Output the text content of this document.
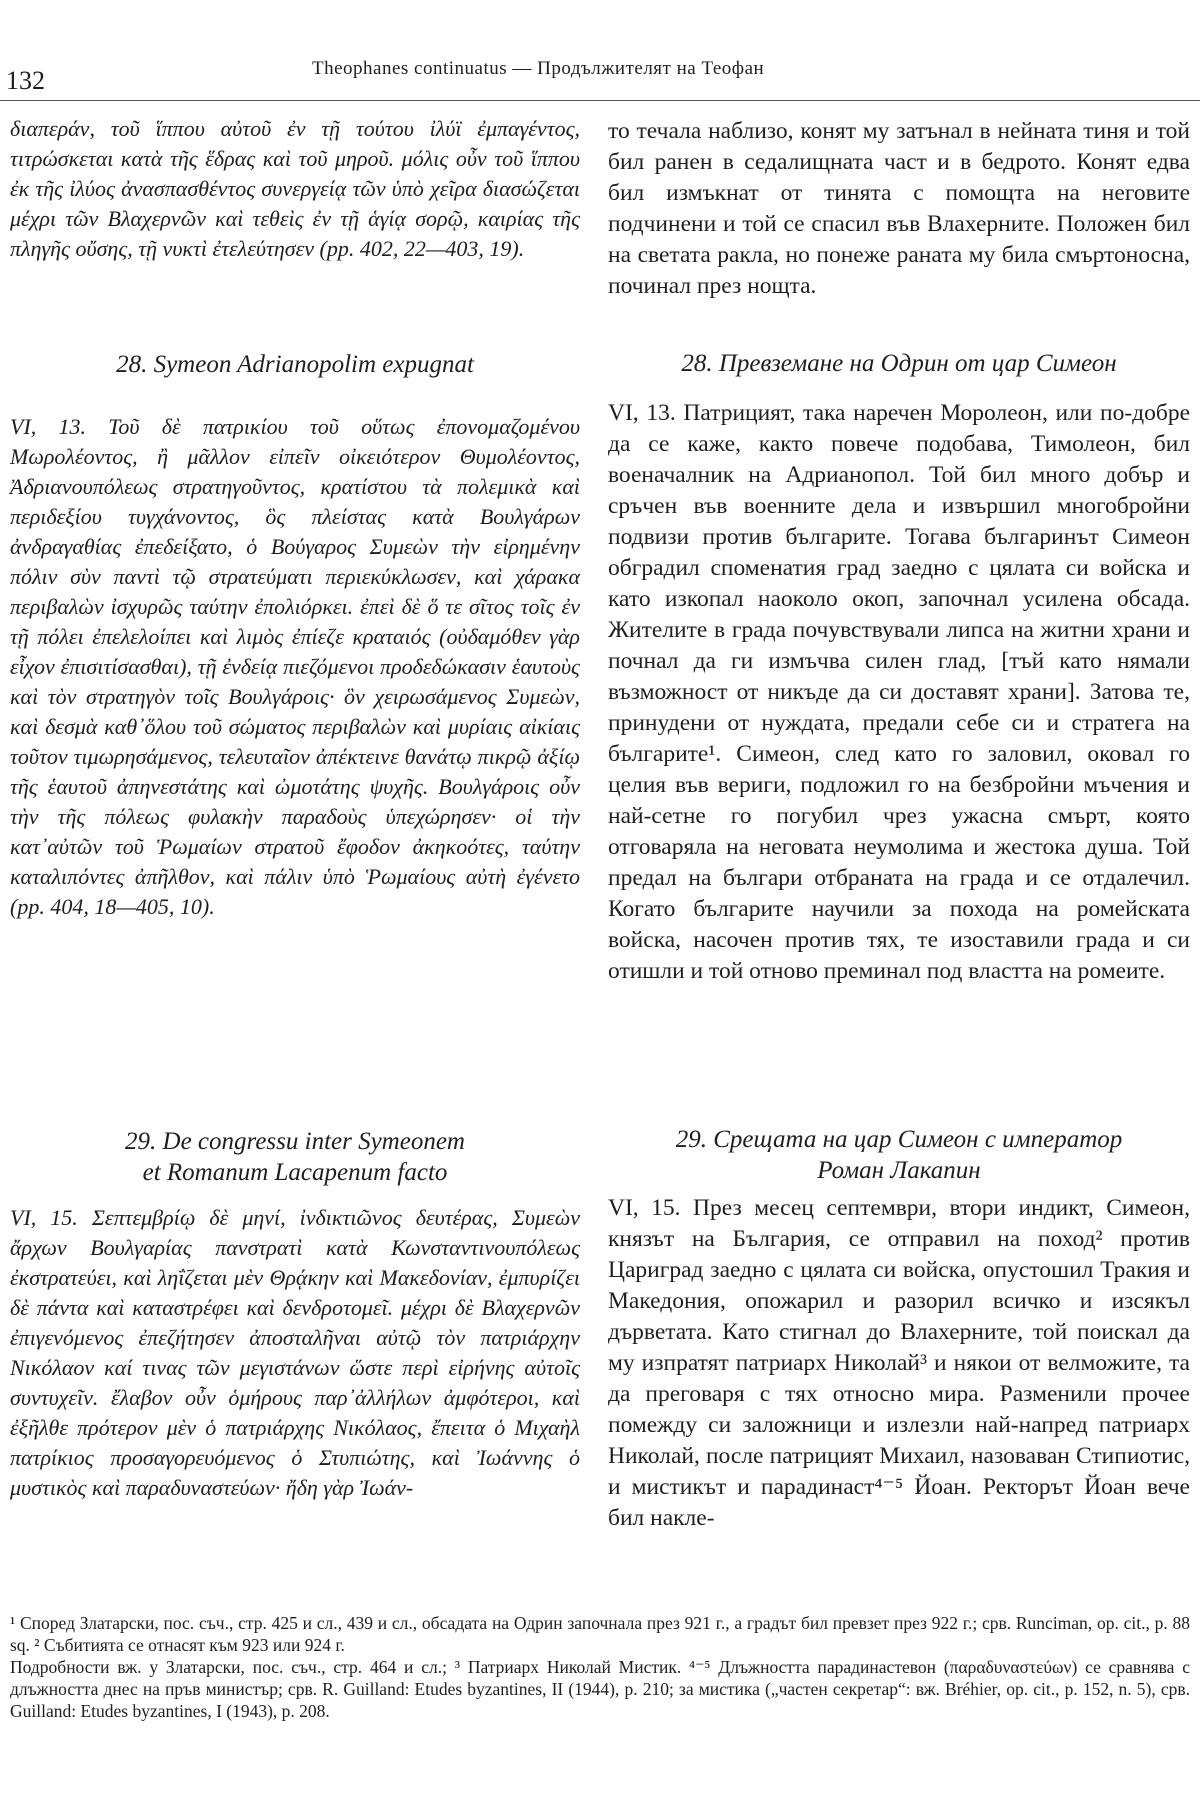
132	Theophanes continuatus — Продължителят на Теофан
διαπεράν, τοῦ ἵππου αὐτοῦ ἐν τῇ τούτου ἰλύϊ ἐμπαγέντος, τιτρώσκεται κατὰ τῆς ἕδρας καὶ τοῦ μηροῦ. μόλις οὖν τοῦ ἵππου ἐκ τῆς ἰλύος ἀνασπασθέντος συνεργείᾳ τῶν ὑπὸ χεῖρα διασώζεται μέχρι τῶν Βλαχερνῶν καὶ τεθεὶς ἐν τῇ ἁγίᾳ σορῷ, καιρίας τῆς πληγῆς οὔσης, τῇ νυκτὶ ἐτελεύτησεν (pp. 402, 22—403, 19).
28. Symeon Adrianopolim expugnat
VI, 13. Τοῦ δὲ πατρικίου τοῦ οὕτως ἐπονομαζομένου Μωρολέοντος, ἢ μᾶλλον εἰπεῖν οἰκειότερον Θυμολέοντος, Ἀδριανουπόλεως στρατηγοῦντος, κρατίστου τὰ πολεμικὰ καὶ περιδεξίου τυγχάνοντος, ὃς πλείστας κατὰ Βουλγάρων ἀνδραγαθίας ἐπεδείξατο, ὁ Βούγαρος Συμεὼν τὴν εἰρημένην πόλιν σὺν παντὶ τῷ στρατεύματι περιεκύκλωσεν, καὶ χάρακα περιβαλὼν ἰσχυρῶς ταύτην ἐπολιόρκει. ἐπεὶ δὲ ὅ τε σῖτος τοῖς ἐν τῇ πόλει ἐπελελοίπει καὶ λιμὸς ἐπίεζε κραταιός (οὐδαμόθεν γὰρ εἶχον ἐπισιτίσασθαι), τῇ ἐνδείᾳ πιεζόμενοι προδεδώκασιν ἑαυτοὺς καὶ τὸν στρατηγὸν τοῖς Βουλγάροις· ὃν χειρωσάμενος Συμεὼν, καὶ δεσμὰ καθ᾽ὅλου τοῦ σώματος περιβαλὼν καὶ μυρίαις αἰκίαις τοῦτον τιμωρησάμενος, τελευταῖον ἀπέκτεινε θανάτῳ πικρῷ ἀξίῳ τῆς ἑαυτοῦ ἀπηνεστάτης καὶ ὠμοτάτης ψυχῆς. Βουλγάροις οὖν τὴν τῆς πόλεως φυλακὴν παραδοὺς ὑπεχώρησεν· οἱ τὴν κατ᾽αὐτῶν τοῦ Ῥωμαίων στρατοῦ ἔφοδον ἀκηκοότες, ταύτην καταλιπόντες ἀπῆλθον, καὶ πάλιν ὑπὸ Ῥωμαίους αὐτὴ ἐγένετο (pp. 404, 18—405, 10).
29. De congressu inter Symeonem
et Romanum Lacapenum facto
VI, 15. Σεπτεμβρίῳ δὲ μηνί, ἰνδικτιῶνος δευτέρας, Συμεὼν ἄρχων Βουλγαρίας πανστρατὶ κατὰ Κωνσταντινουπόλεως ἐκστρατεύει, καὶ ληΐζεται μὲν Θρᾴκην καὶ Μακεδονίαν, ἐμπυρίζει δὲ πάντα καὶ καταστρέφει καὶ δενδροτομεῖ. μέχρι δὲ Βλαχερνῶν ἐπιγενόμενος ἐπεζήτησεν ἀποσταλῆναι αὐτῷ τὸν πατριάρχην Νικόλαον καί τινας τῶν μεγιστάνων ὥστε περὶ εἰρήνης αὐτοῖς συντυχεῖν. ἔλαβον οὖν ὁμήρους παρ᾽ἀλλήλων ἀμφότεροι, καὶ ἐξῆλθε πρότερον μὲν ὁ πατριάρχης Νικόλαος, ἔπειτα ὁ Μιχαὴλ πατρίκιος προσαγορευόμενος ὁ Στυπιώτης, καὶ Ἰωάννης ὁ μυστικὸς καὶ παραδυναστεύων· ἤδη γὰρ Ἰωάν-
то течала наблизо, конят му затънал в нейната тиня и той бил ранен в седалищната част и в бедрото. Конят едва бил измъкнат от тинята с помощта на неговите подчинени и той се спасил във Влахерните. Положен бил на светата ракла, но понеже раната му била смъртоносна, починал през нощта.
28. Превземане на Одрин от цар Симеон
VI, 13. Патрицият, така наречен Моролеон, или по-добре да се каже, както повече подобава, Тимолеон, бил военачалник на Адрианопол. Той бил много добър и сръчен във военните дела и извършил многобройни подвизи против българите. Тогава българинът Симеон обградил споменатия град заедно с цялата си войска и като изкопал наоколо окоп, започнал усилена обсада. Жителите в града почувствували липса на житни храни и почнал да ги измъчва силен глад, [тъй като нямали възможност от никъде да си доставят храни]. Затова те, принудени от нуждата, предали себе си и стратега на българите¹. Симеон, след като го заловил, оковал го целия във вериги, подложил го на безбройни мъчения и най-сетне го погубил чрез ужасна смърт, която отговаряла на неговата неумолима и жестока душа. Той предал на българи отбраната на града и се отдалечил. Когато българите научили за похода на ромейската войска, насочен против тях, те изоставили града и си отишли и той отново преминал под властта на ромеите.
29. Срещата на цар Симеон с император
Роман Лакапин
VI, 15. През месец септември, втори индикт, Симеон, князът на България, се отправил на поход² против Цариград заедно с цялата си войска, опустошил Тракия и Македония, опожарил и разорил всичко и изсякъл дърветата. Като стигнал до Влахерните, той поискал да му изпратят патриарх Николай³ и някои от велможите, та да преговаря с тях относно мира. Разменили прочее помежду си заложници и излезли най-напред патриарх Николай, после патрицият Михаил, назоваван Стипиотис, и мистикът и парадинаст⁴⁻⁵ Йоан. Ректорът Йоан вече бил накле-
¹ Според Златарски, пос. съч., стр. 425 и сл., 439 и сл., обсадата на Одрин започнала през 921 г., а градът бил превзет през 922 г.; срв. Runciman, op. cit., p. 88 sq. ² Събитията се отнасят към 923 или 924 г.
Подробности вж. у Златарски, пос. съч., стр. 464 и сл.; ³ Патриарх Николай Мистик. ⁴⁻⁵ Длъжността парадинастевон (παραδυναστεύων) се сравнява с длъжността днес на пръв министър; срв. R. Guilland: Etudes byzantines, II (1944), p. 210; за мистика („частен секретар“: вж. Bréhier, op. cit., p. 152, n. 5), срв. Guilland: Etudes byzantines, I (1943), p. 208.
